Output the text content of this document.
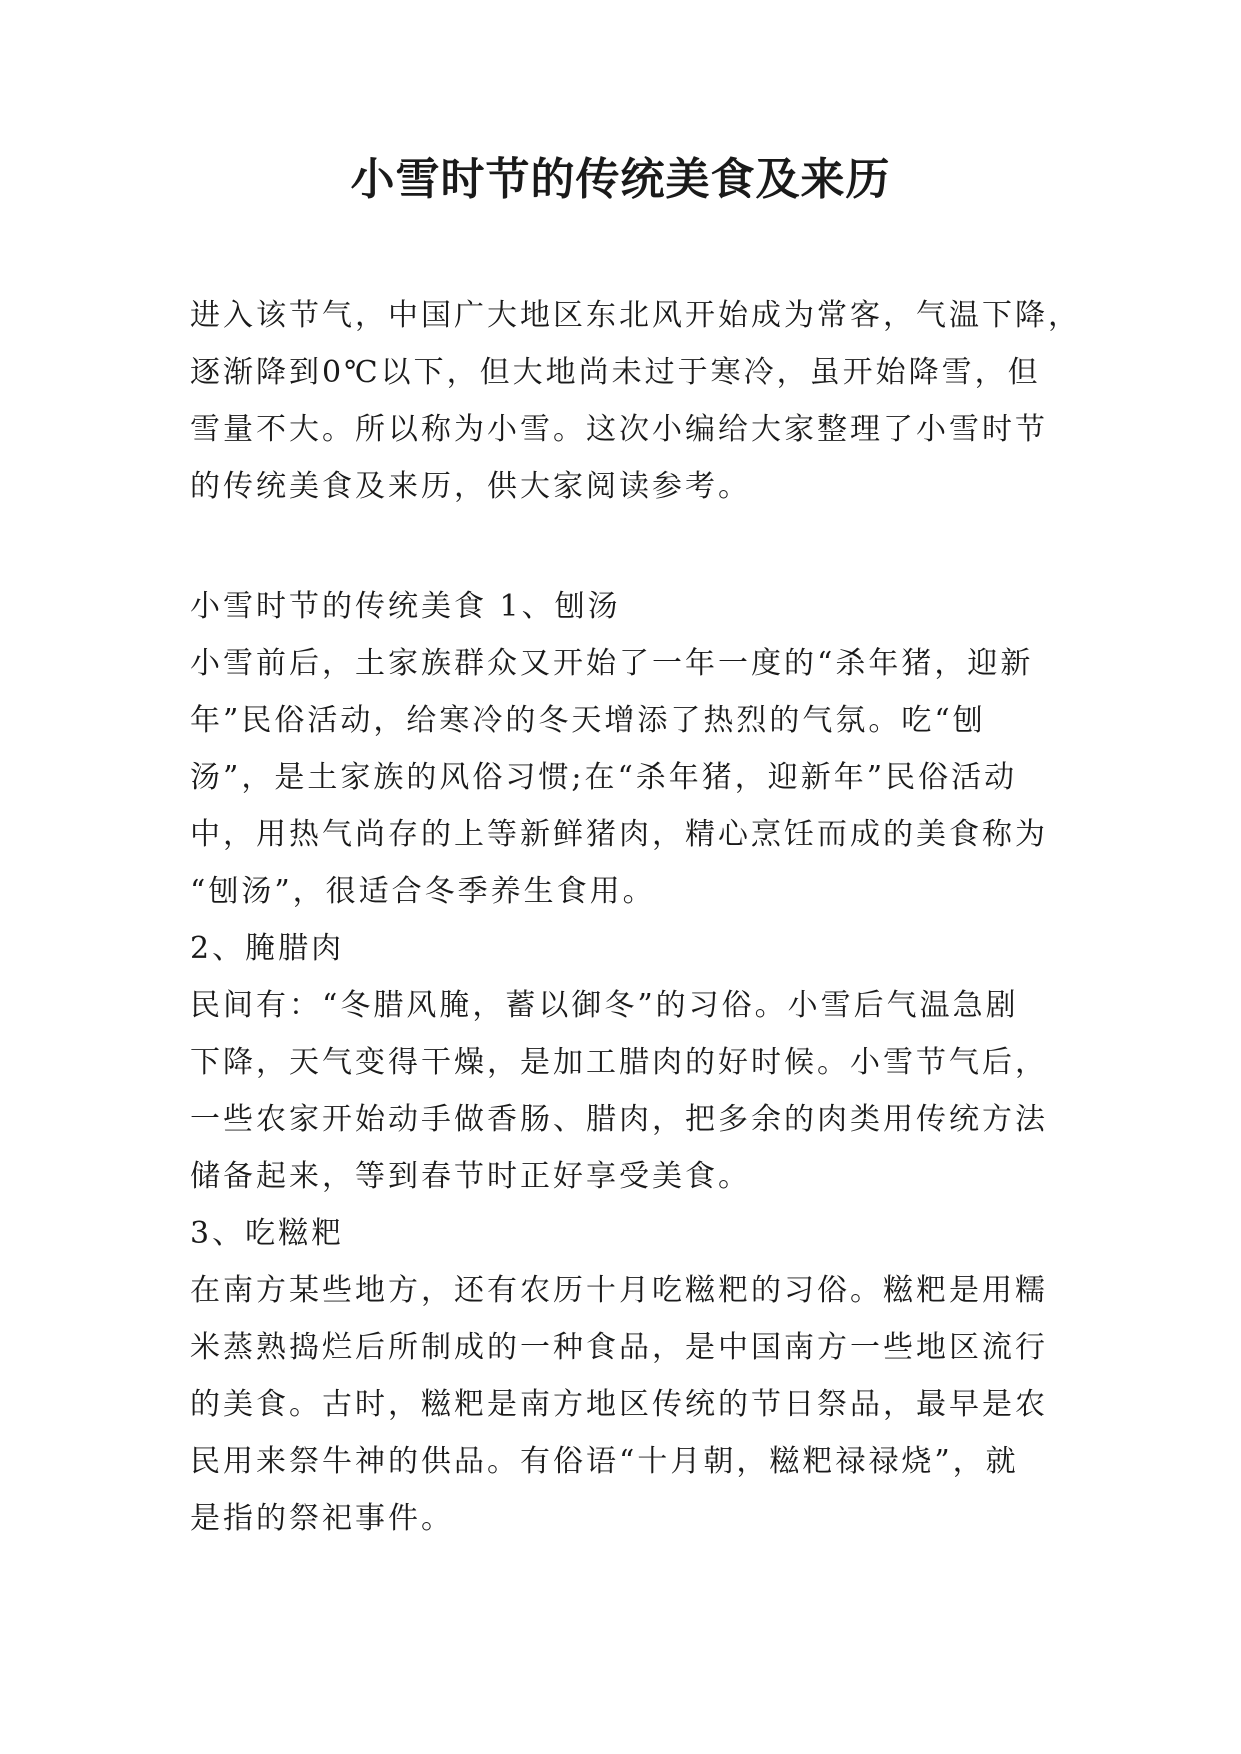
小雪时节的传统美食及来历
进入该节气，中国广大地区东北风开始成为常客，气温下降，
逐渐降到0℃以下，但大地尚未过于寒冷，虽开始降雪，但
雪量不大。所以称为小雪。这次小编给大家整理了小雪时节
的传统美食及来历，供大家阅读参考。
小雪时节的传统美食 1、刨汤
小雪前后，土家族群众又开始了一年一度的“杀年猪，迎新
年”民俗活动，给寒冷的冬天增添了热烈的气氛。吃“刨
汤”，是土家族的风俗习惯;在“杀年猪，迎新年”民俗活动
中，用热气尚存的上等新鲜猪肉，精心烹饪而成的美食称为
“刨汤”，很适合冬季养生食用。
2、腌腊肉
民间有：“冬腊风腌，蓄以御冬”的习俗。小雪后气温急剧
下降，天气变得干燥，是加工腊肉的好时候。小雪节气后，
一些农家开始动手做香肠、腊肉，把多余的肉类用传统方法
储备起来，等到春节时正好享受美食。
3、吃糍粑
在南方某些地方，还有农历十月吃糍粑的习俗。糍粑是用糯
米蒸熟捣烂后所制成的一种食品，是中国南方一些地区流行
的美食。古时，糍粑是南方地区传统的节日祭品，最早是农
民用来祭牛神的供品。有俗语“十月朝，糍粑禄禄烧”，就
是指的祭祀事件。
